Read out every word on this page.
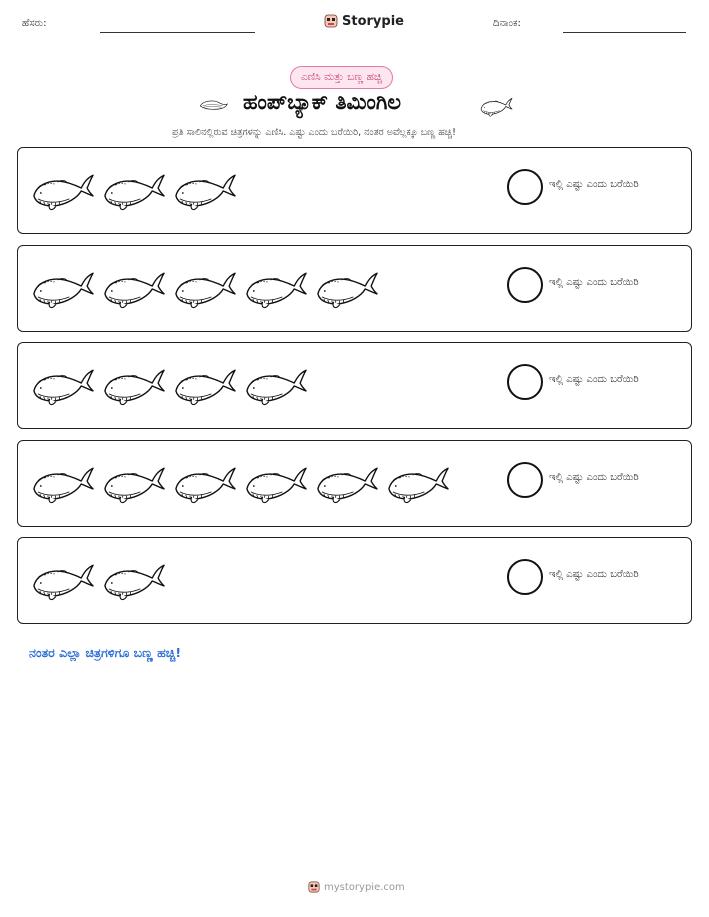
ಹೆಸರು:	Storypie	ದಿನಾಂಕ:
ಎಣಿಸಿ ಮತ್ತು ಬಣ್ಣ ಹಚ್ಚಿ
ಹಂಪ್‌ಬ್ಯಾಕ್ ತಿಮಿಂಗಿಲ
ಪ್ರತಿ ಸಾಲಿನಲ್ಲಿರುವ ಚಿತ್ರಗಳನ್ನು ಎಣಿಸಿ. ಎಷ್ಟು ಎಂದು ಬರೆಯಿರಿ, ನಂತರ ಅವೆಲ್ಲಕ್ಕೂ ಬಣ್ಣ ಹಚ್ಚಿ!
ಇಲ್ಲಿ ಎಷ್ಟು ಎಂದು ಬರೆಯಿರಿ
ಇಲ್ಲಿ ಎಷ್ಟು ಎಂದು ಬರೆಯಿರಿ
ಇಲ್ಲಿ ಎಷ್ಟು ಎಂದು ಬರೆಯಿರಿ
ಇಲ್ಲಿ ಎಷ್ಟು ಎಂದು ಬರೆಯಿರಿ
ಇಲ್ಲಿ ಎಷ್ಟು ಎಂದು ಬರೆಯಿರಿ
ನಂತರ ಎಲ್ಲಾ ಚಿತ್ರಗಳಿಗೂ ಬಣ್ಣ ಹಚ್ಚಿ!
mystorypie.com
